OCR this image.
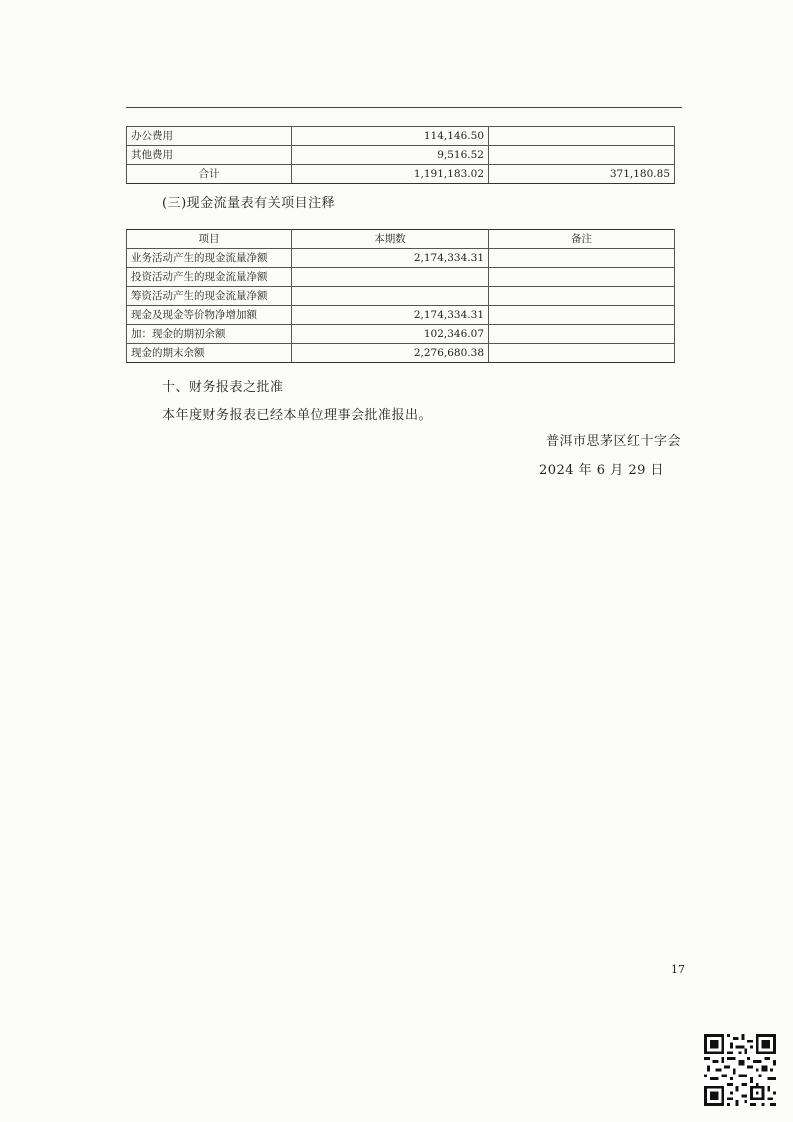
办公费用	114,146.50	
其他费用	9,516.52	
合计	1,191,183.02	371,180.85
(三)现金流量表有关项目注释
项目	本期数	备注
业务活动产生的现金流量净额	2,174,334.31	
投资活动产生的现金流量净额		
筹资活动产生的现金流量净额		
现金及现金等价物净增加额	2,174,334.31	
加：现金的期初余额	102,346.07	
现金的期末余额	2,276,680.38	
十、财务报表之批准
本年度财务报表已经本单位理事会批准报出。
普洱市思茅区红十字会
2024 年 6 月 29 日
17
